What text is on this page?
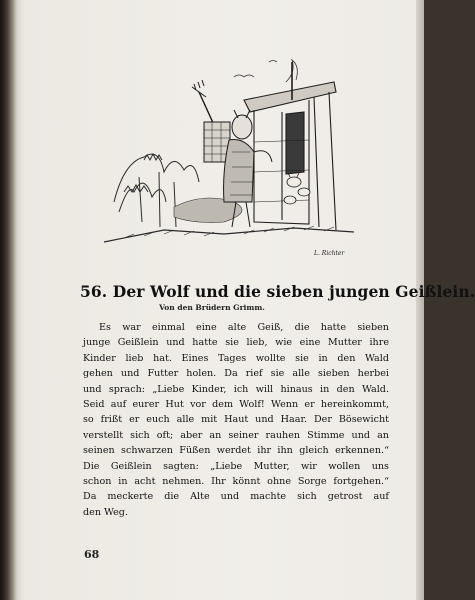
L. Richter
56. Der Wolf und die sieben jungen Geißlein.
Von den Brüdern Grimm.
Es war einmal eine alte Geiß, die hatte sieben
junge Geißlein und hatte sie lieb, wie eine Mutter ihre
Kinder lieb hat. Eines Tages wollte sie in den Wald
gehen und Futter holen. Da rief sie alle sieben herbei
und sprach: „Liebe Kinder, ich will hinaus in den Wald.
Seid auf eurer Hut vor dem Wolf! Wenn er hereinkommt,
so frißt er euch alle mit Haut und Haar. Der Bösewicht
verstellt sich oft; aber an seiner rauhen Stimme und an
seinen schwarzen Füßen werdet ihr ihn gleich erkennen.“
Die Geißlein sagten: „Liebe Mutter, wir wollen uns
schon in acht nehmen. Ihr könnt ohne Sorge fortgehen.“
Da meckerte die Alte und machte sich getrost auf
den Weg.
68
